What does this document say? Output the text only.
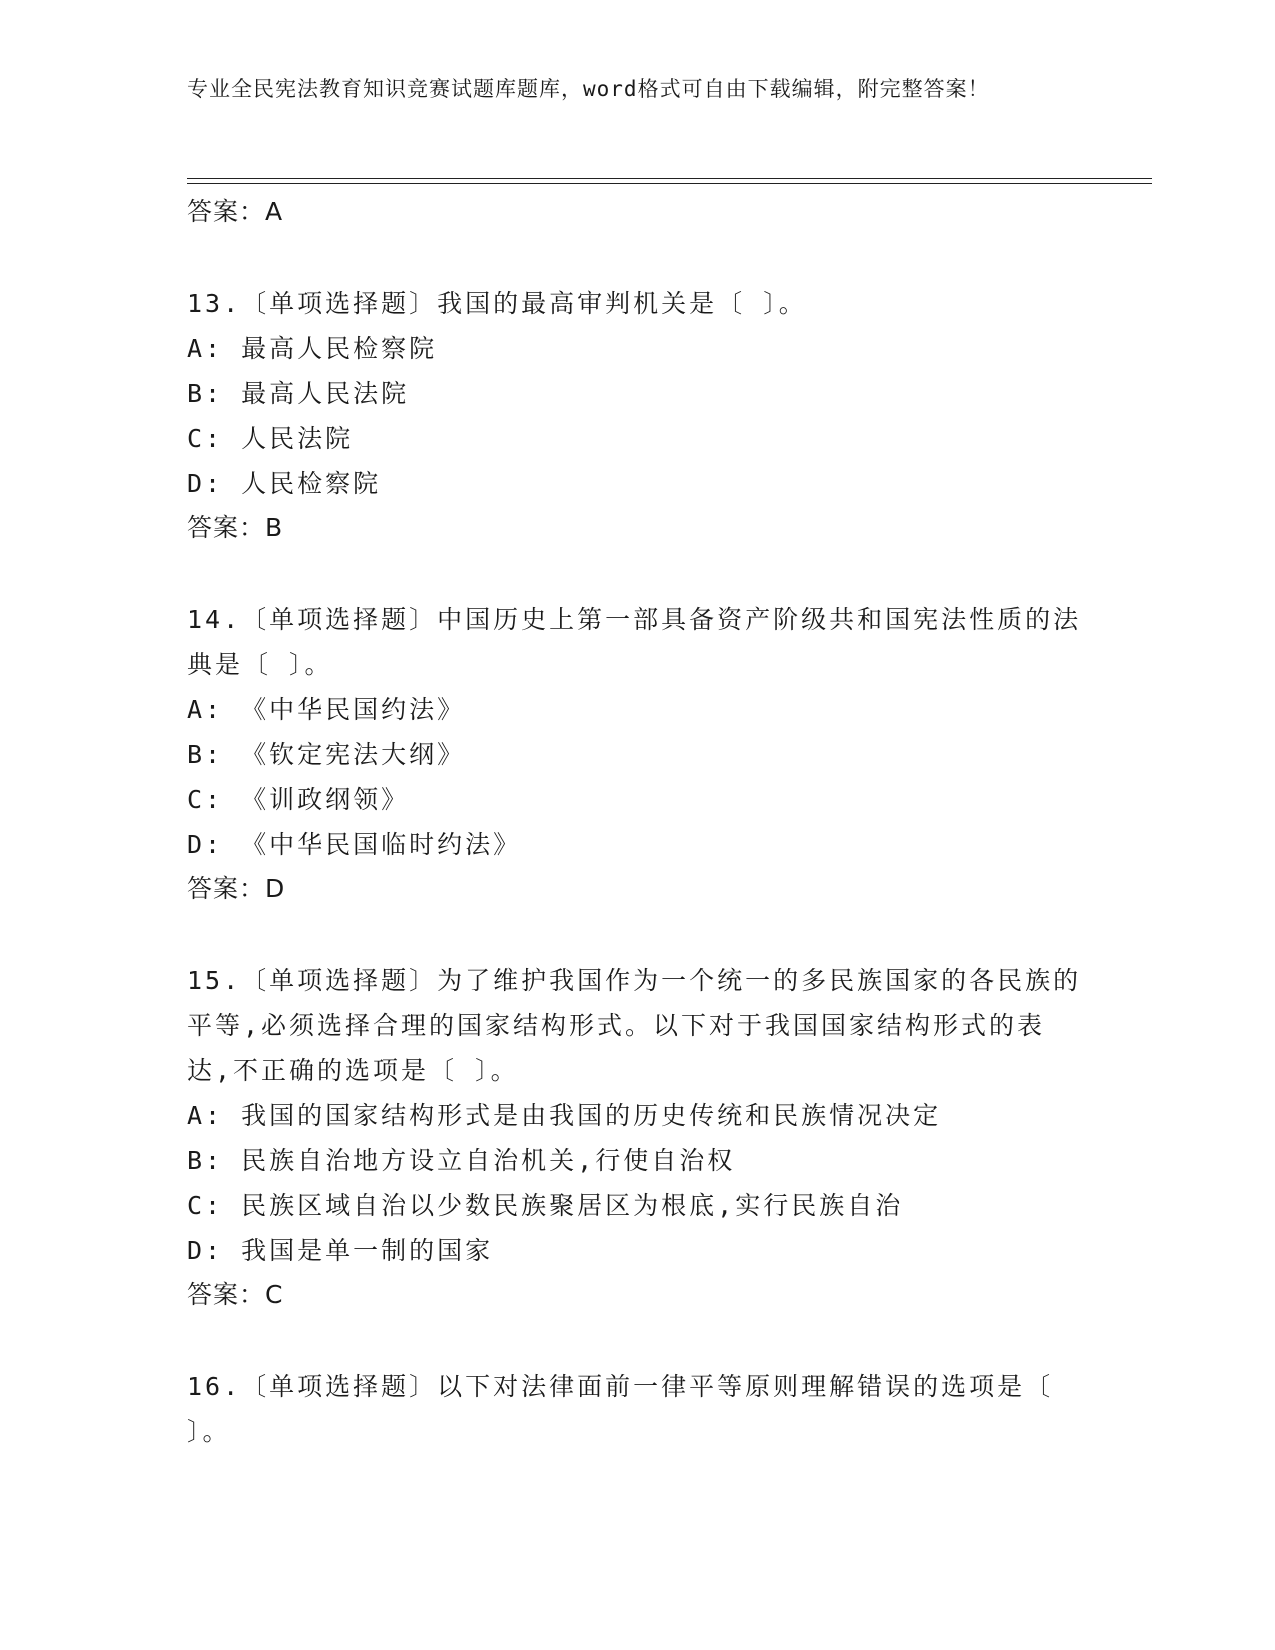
专业全民宪法教育知识竞赛试题库题库，word格式可自由下载编辑，附完整答案！

答案：A

13.〔单项选择题〕我国的最高审判机关是〔 〕。

A: 最高人民检察院

B: 最高人民法院

C: 人民法院

D: 人民检察院

答案：B

14.〔单项选择题〕中国历史上第一部具备资产阶级共和国宪法性质的法典是〔 〕。

A: 《中华民国约法》

B: 《钦定宪法大纲》

C: 《训政纲领》

D: 《中华民国临时约法》

答案：D

15.〔单项选择题〕为了维护我国作为一个统一的多民族国家的各民族的平等,必须选择合理的国家结构形式。以下对于我国国家结构形式的表达,不正确的选项是〔 〕。

A: 我国的国家结构形式是由我国的历史传统和民族情况决定

B: 民族自治地方设立自治机关,行使自治权

C: 民族区域自治以少数民族聚居区为根底,实行民族自治

D: 我国是单一制的国家

答案：C

16.〔单项选择题〕以下对法律面前一律平等原则理解错误的选项是〔 〕。
